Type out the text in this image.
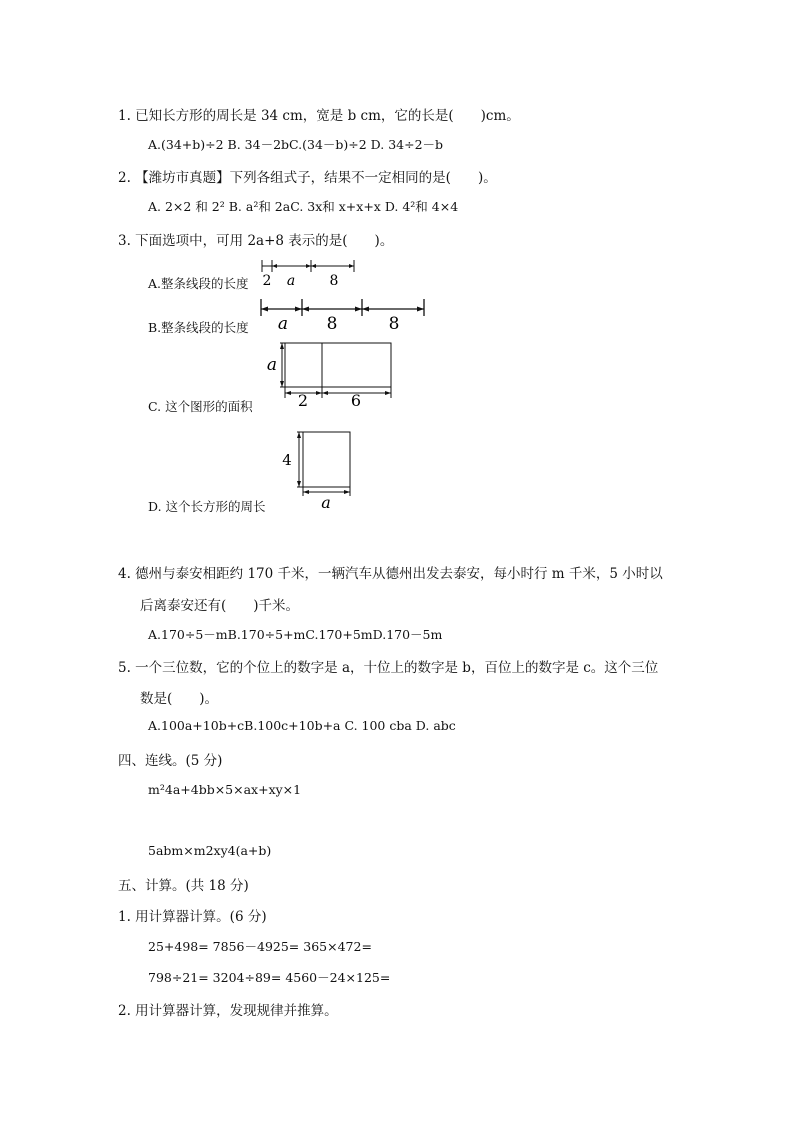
1. 已知长方形的周长是 34 cm，宽是 b cm，它的长是(　　)cm。
A.(34+b)÷2 B. 34－2bC.(34－b)÷2 D. 34÷2－b
2. 【潍坊市真题】下列各组式子，结果不一定相同的是(　　)。
A. 2×2 和 2² B. a²和 2aC. 3x和 x+x+x D. 4²和 4×4
3. 下面选项中，可用 2a+8 表示的是(　　)。
A.整条线段的长度 2 a 8
B.整条线段的长度 a 8	8
a
2	6
C. 这个图形的面积
4
a
D. 这个长方形的周长
4. 德州与泰安相距约 170 千米，一辆汽车从德州出发去泰安，每小时行 m 千米，5 小时以
后离泰安还有(　　)千米。
A.170÷5－mB.170÷5+mC.170+5mD.170－5m
5. 一个三位数，它的个位上的数字是 a，十位上的数字是 b，百位上的数字是 c。这个三位
数是(　　)。
A.100a+10b+cB.100c+10b+a C. 100 cba D. abc
四、连线。(5 分)
m²4a+4bb×5×ax+xy×1
5abm×m2xy4(a+b)
五、计算。(共 18 分)
1. 用计算器计算。(6 分)
25+498= 7856－4925= 365×472=
798÷21= 3204÷89= 4560－24×125=
2. 用计算器计算，发现规律并推算。
